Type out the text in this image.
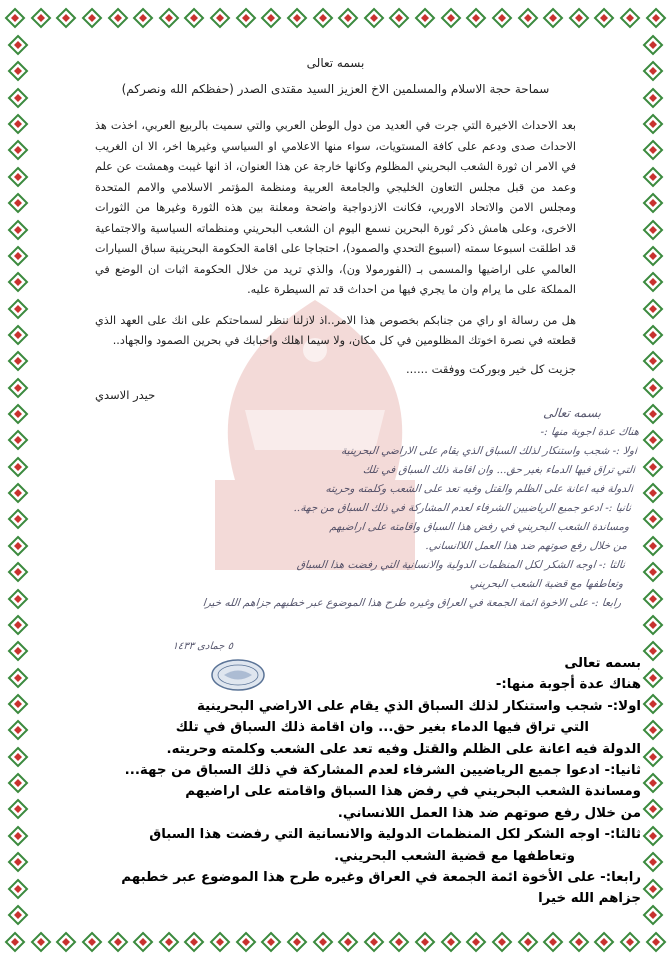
بسمه تعالى
سماحة حجة الاسلام والمسلمين الاخ العزيز السيد مقتدى الصدر (حفظكم الله ونصركم)

بعد الاحداث الاخيرة التي جرت في العديد من دول الوطن العربي والتي سميت بالربيع العربي، اخذت هذ الاحداث صدى ودعم على كافة المستويات، سواء منها الاعلامي او السياسي وغيرها اخر، الا ان الغريب في الامر ان ثورة الشعب البحريني المظلوم وكانها خارجة عن هذا العنوان، اذ انها غيبت وهمشت عن علم وعمد من قبل مجلس التعاون الخليجي والجامعة العربية ومنظمة المؤتمر الاسلامي والامم المتحدة ومجلس الامن والاتحاد الاوربي، فكانت الازدواجية واضحة ومعلنة بين هذه الثورة وغيرها من الثورات الاخرى، وعلى هامش ذكر ثورة البحرين نسمع اليوم ان الشعب البحريني ومنظماته السياسية والاجتماعية قد اطلقت اسبوعا سمته (اسبوع التحدي والصمود)، احتجاجا على اقامة الحكومة البحرينية سباق السيارات العالمي على اراضيها والمسمى بـ (الفورمولا ون)، والذي تريد من خلال الحكومة اثبات ان الوضع في المملكة على ما يرام وان ما يجري فيها من احداث قد تم السيطرة عليه.

هل من رسالة او راي من جنابكم بخصوص هذا الامر..اذ لازلنا ننظر لسماحتكم على انك على العهد الذي قطعته في نصرة اخوتك المظلومين في كل مكان، ولا سيما اهلك واحبابك في بحرين الصمود والجهاد..

جزيت كل خير وبوركت ووفقت ......
حيدر الاسدي
بسمه تعالى
هناك عدة اجوبة منها :-
اولا :- شجب واستنكار لذلك السباق الذي يقام على الاراضي البحرينية
التي تراق فيها الدماء بغير حق... وان اقامة ذلك السباق في تلك
الدولة فيه اعانة على الظلم والقتل وفيه تعد على الشعب وكلمته وحريته
ثانيا :- ادعو جميع الرياضيين الشرفاء لعدم المشاركة في ذلك السباق من جهة..
ومساندة الشعب البحريني في رفض هذا السباق واقامته على اراضيهم
من خلال رفع صوتهم ضد هذا العمل اللاانساني.
ثالثا :- اوجه الشكر لكل المنظمات الدولية والانسانية التي رفضت هذا السباق
وتعاطفها مع قضية الشعب البحريني
رابعا :- على الاخوة ائمة الجمعة في العراق وغيره طرح هذا الموضوع عبر خطبهم جزاهم الله خيرا
٥ جمادى ١٤٣٣
بسمه تعالى
هناك عدة أجوبة منها:-
اولا:- شجب واستنكار لذلك السباق الذي يقام على الاراضي البحرينية
التي تراق فيها الدماء بغير حق... وان اقامة ذلك السباق في تلك
الدولة فيه اعانة على الظلم والقتل وفيه تعد على الشعب وكلمته وحريته.
ثانيا:- ادعوا جميع الرياضيين الشرفاء لعدم المشاركة في ذلك السباق من جهة...
ومساندة الشعب البحريني في رفض هذا السباق واقامته على اراضيهم
من خلال رفع صوتهم ضد هذا العمل اللانساني.
ثالثا:- اوجه الشكر لكل المنظمات الدولية والانسانية التي رفضت هذا السباق
وتعاطفها مع قضية الشعب البحريني.
رابعا:- على الأخوة ائمة الجمعة في العراق وغيره طرح هذا الموضوع عبر خطبهم
جزاهم الله خيرا
